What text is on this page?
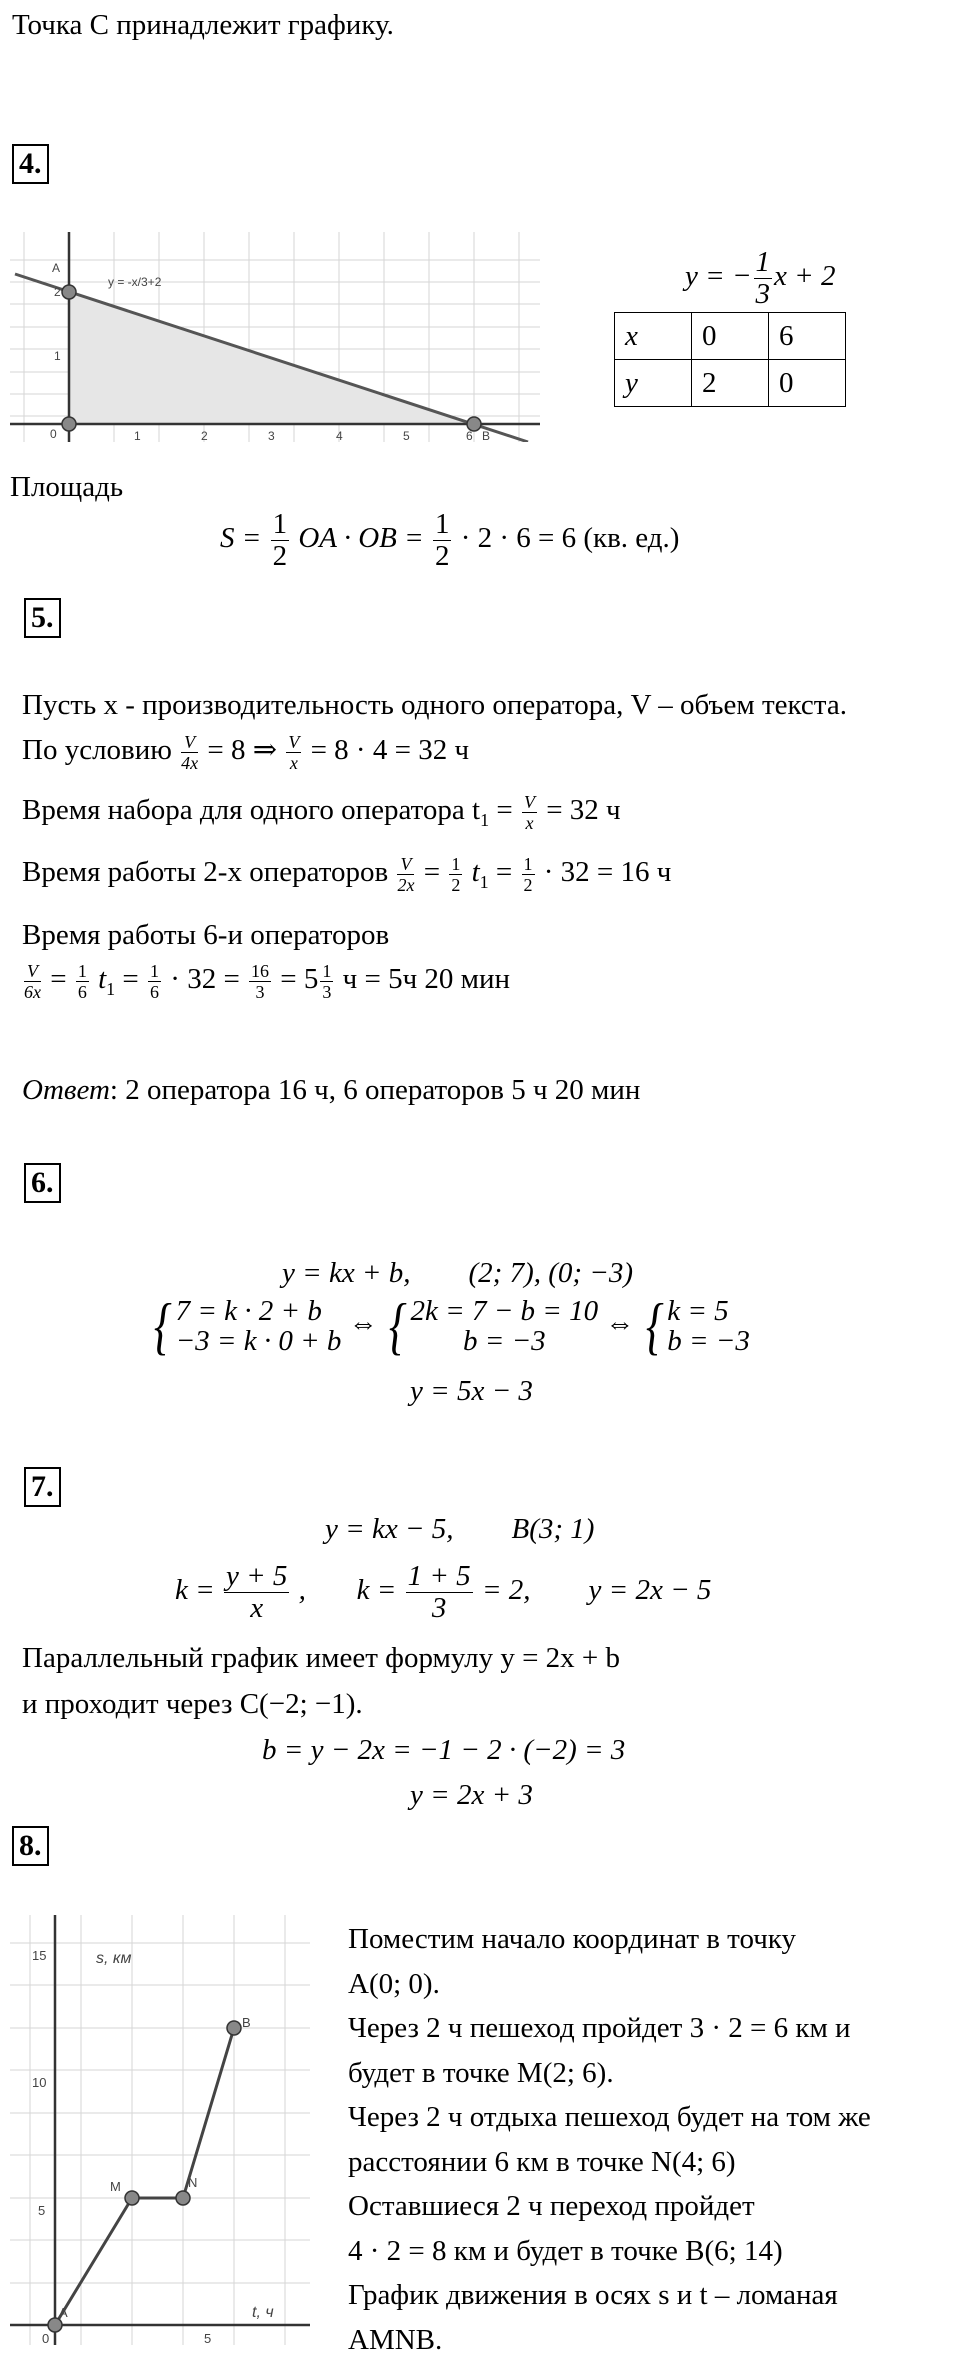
Точка C принадлежит графику.
4.
y = -x/3+2
A
B
0
1
2
1	2	3	4	5	6
y = − $\frac{1}{3}$ x + 2
x	0	6
y	2	0
Площадь
$S = \frac{1}{2}$ OA · OB = $\frac{1}{2} \cdot 2 \cdot 6 = 6$ (кв. ед.)
5.
Пусть x - производительность одного оператора, V – объем текста.
По условию $\frac{V}{4x} = 8$ ⇒ $\frac{V}{x} = 8 \cdot 4 = 32$ ч
Время набора для одного оператора $t_1 = \frac{V}{x} = 32$ ч
Время работы 2-х операторов $\frac{V}{2x} = \frac{1}{2} t_1 = \frac{1}{2} \cdot 32 = 16$ ч
Время работы 6-и операторов
$\frac{V}{6x} = \frac{1}{6} t_1 = \frac{1}{6} \cdot 32 = \frac{16}{3} = 5 \frac{1}{3}$ ч = 5ч 20 мин
Ответ: 2 оператора 16 ч, 6 операторов 5 ч 20 мин
6.
y = kx + b,        (2; 7), (0; −3)
{ 7 = k · 2 + b
−3 = k · 0 + b
⇔ { 2k = 7 − b = 10
b = −3
⇔ { k = 5
b = −3
y = 5x − 3
7.
y = kx − 5,        B(3; 1)
$k = \frac{y + 5}{x}$ ,       $k = \frac{1 + 5}{3} = 2$,        y = 2x − 5
Параллельный график имеет формулу y = 2x + b
и проходит через C(−2; −1).
b = y − 2x = −1 − 2 · (−2) = 3
y = 2x + 3
8.
s, км
t, ч
15
10
5
0	5
A
M	N
B
Поместим начало координат в точку
A(0; 0).
Через 2 ч пешеход пройдет 3 · 2 = 6 км и
будет в точке M(2; 6).
Через 2 ч отдыха пешеход будет на том же
расстоянии 6 км в точке N(4; 6)
Оставшиеся 2 ч переход пройдет
4 · 2 = 8 км и будет в точке B(6; 14)
График движения в осях s и t – ломаная
AMNB.
